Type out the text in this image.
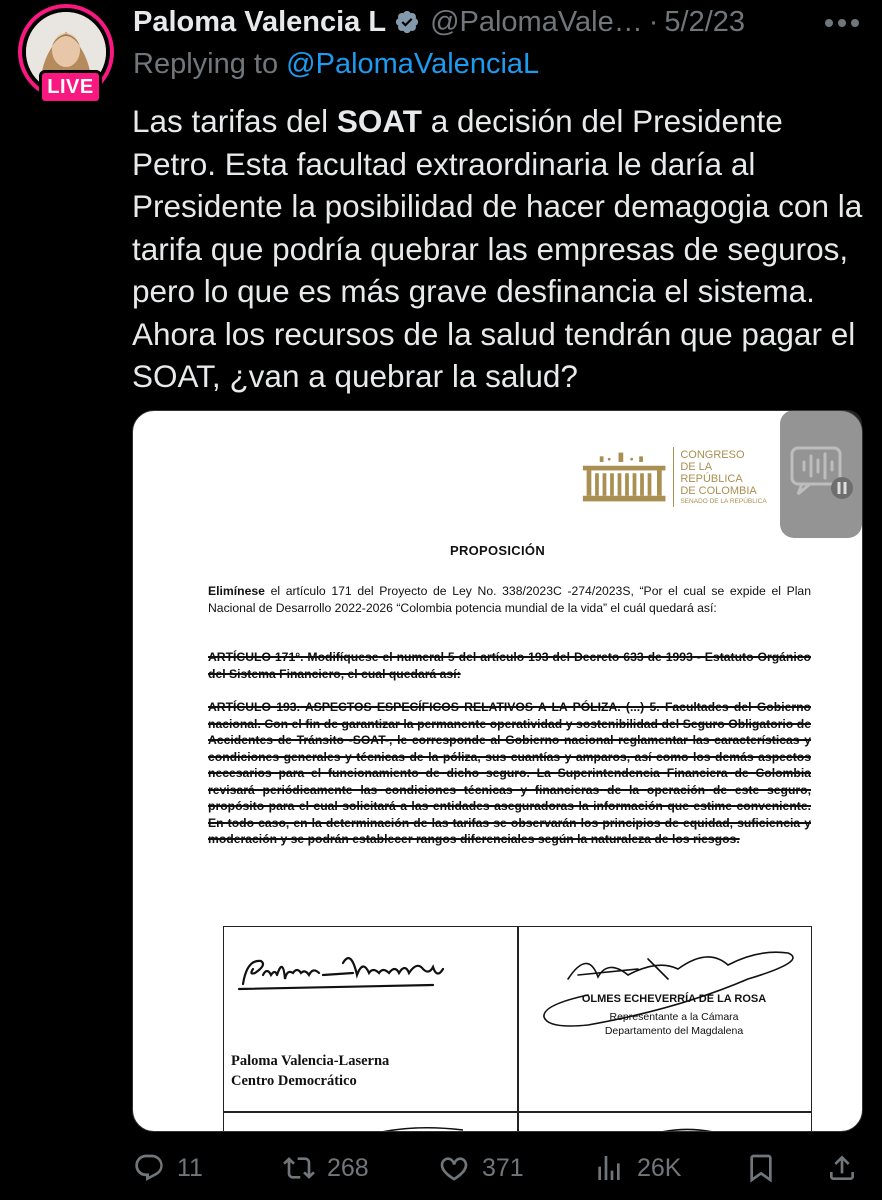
LIVE
Paloma Valencia L @PalomaVale… · 5/2/23
Replying to @PalomaValenciaL
Las tarifas del SOAT a decisión del Presidente Petro. Esta facultad extraordinaria le daría al Presidente la posibilidad de hacer demagogia con la tarifa que podría quebrar las empresas de seguros, pero lo que es más grave desfinancia el sistema. Ahora los recursos de la salud tendrán que pagar el SOAT, ¿van a quebrar la salud?
CONGRESO
DE LA REPÚBLICA
DE COLOMBIA
SENADO DE LA REPÚBLICA
PROPOSICIÓN
Elimínese el artículo 171 del Proyecto de Ley No. 338/2023C -274/2023S, “Por el cual se expide el Plan Nacional de Desarrollo 2022-2026 “Colombia potencia mundial de la vida” el cuál quedará así:
ARTÍCULO 171°. Modifíquese el numeral 5 del artículo 193 del Decreto 633 de 1993 - Estatuto Orgánico del Sistema Financiero, el cual quedará así:
ARTÍCULO 193. ASPECTOS ESPECÍFICOS RELATIVOS A LA PÓLIZA. (...) 5. Facultades del Gobierno nacional. Con el fin de garantizar la permanente operatividad y sostenibilidad del Seguro Obligatorio de Accidentes de Tránsito -SOAT-, le corresponde al Gobierno nacional reglamentar las características y condiciones generales y técnicas de la póliza, sus cuantías y amparos, así como los demás aspectos necesarios para el funcionamiento de dicho seguro. La Superintendencia Financiera de Colombia revisará periódicamente las condiciones técnicas y financieras de la operación de este seguro, propósito para el cual solicitará a las entidades aseguradoras la información que estime conveniente. En todo caso, en la determinación de las tarifas se observarán los principios de equidad, suficiencia y moderación y se podrán establecer rangos diferenciales según la naturaleza de los riesgos.
Paloma Valencia-Laserna
Centro Democrático
OLMES ECHEVERRÍA DE LA ROSA
Representante a la Cámara
Departamento del Magdalena
11	268	371	26K
